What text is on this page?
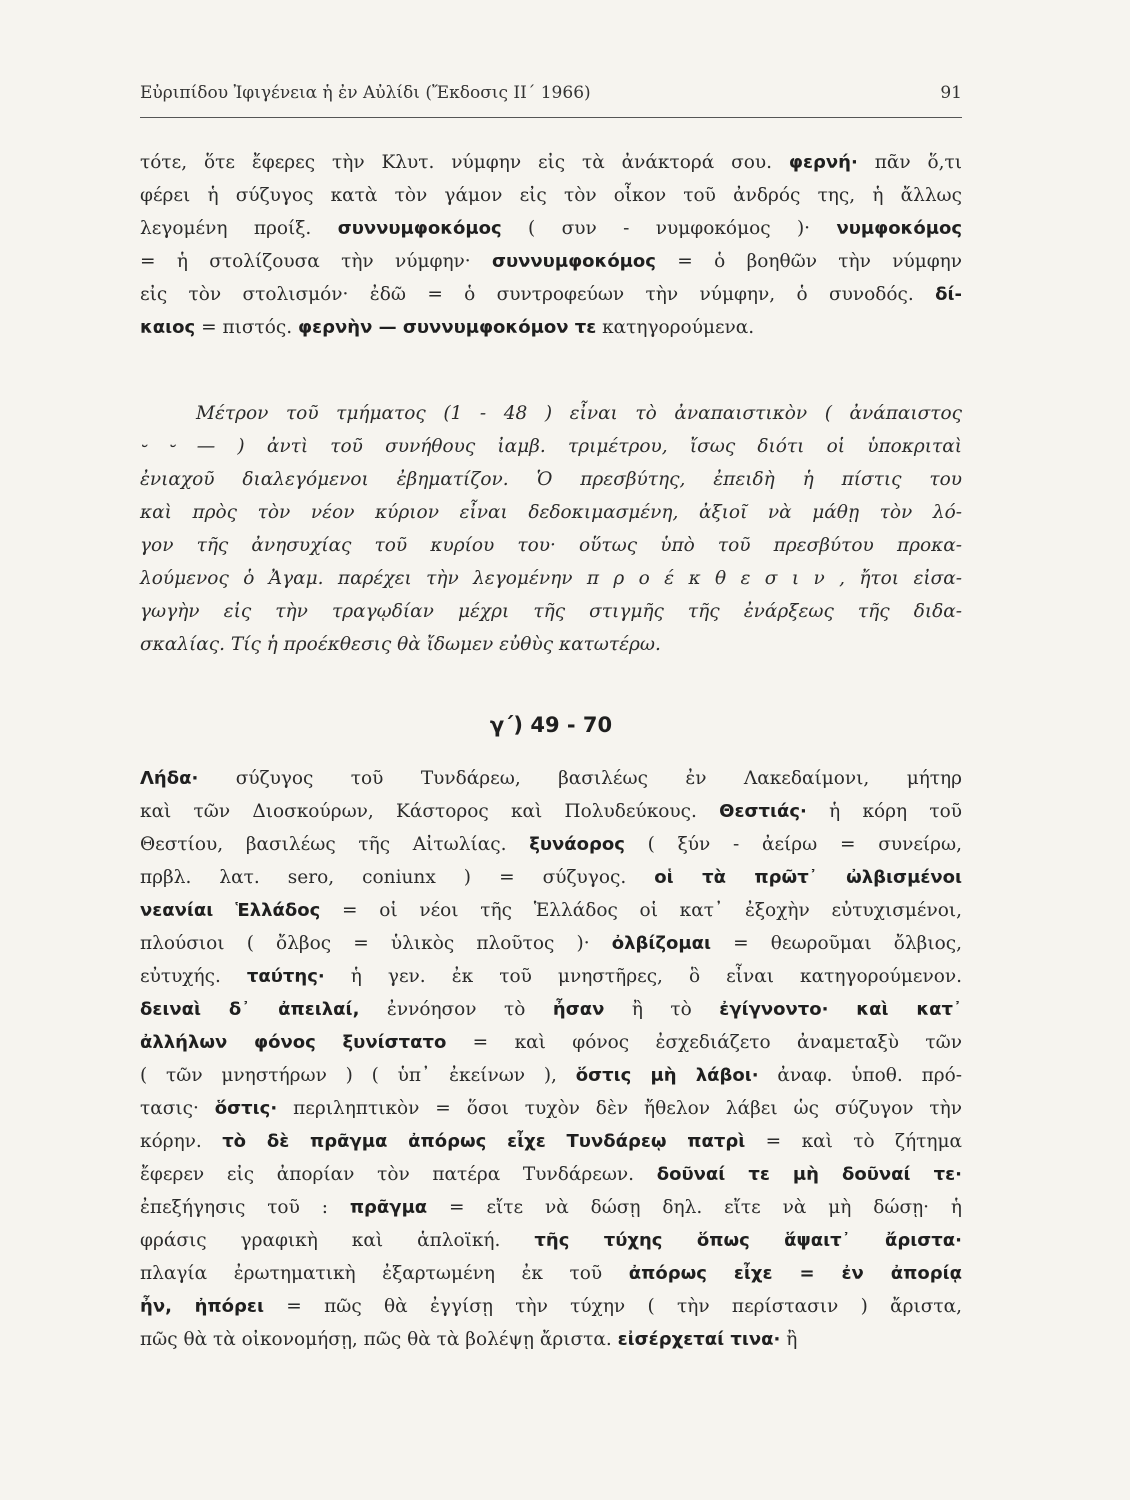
Εὐριπίδου Ἰφιγένεια ἡ ἐν Αὐλίδι (Ἔκδοσις ΙΙ΄ 1966)	91
τότε, ὅτε ἔφερες τὴν Κλυτ. νύμφην εἰς τὰ ἀνάκτορά σου. φερνή· πᾶν ὅ,τι
φέρει ἡ σύζυγος κατὰ τὸν γάμον εἰς τὸν οἶκον τοῦ ἀνδρός της, ἡ ἄλλως
λεγομένη προίξ. συννυμφοκόμος ( συν - νυμφοκόμος )· νυμφοκόμος
= ἡ στολίζουσα τὴν νύμφην· συννυμφοκόμος = ὁ βοηθῶν τὴν νύμφην
εἰς τὸν στολισμόν· ἐδῶ = ὁ συντροφεύων τὴν νύμφην, ὁ συνοδός. δί-
καιος = πιστός. φερνὴν — συννυμφοκόμον τε κατηγορούμενα.
Μέτρον τοῦ τμήματος (1 - 48 ) εἶναι τὸ ἀναπαιστικὸν ( ἀνάπαιστος
⏑ ⏑ — ) ἀντὶ τοῦ συνήθους ἰαμβ. τριμέτρου, ἴσως διότι οἱ ὑποκριταὶ
ἐνιαχοῦ διαλεγόμενοι ἐβηματίζον. Ὁ πρεσβύτης, ἐπειδὴ ἡ πίστις του
καὶ πρὸς τὸν νέον κύριον εἶναι δεδοκιμασμένη, ἀξιοῖ νὰ μάθῃ τὸν λό-
γον τῆς ἀνησυχίας τοῦ κυρίου του· οὕτως ὑπὸ τοῦ πρεσβύτου προκα-
λούμενος ὁ Ἀγαμ. παρέχει τὴν λεγομένην π ρ ο έ κ θ ε σ ι ν , ἤτοι εἰσα-
γωγὴν εἰς τὴν τραγῳδίαν μέχρι τῆς στιγμῆς τῆς ἐνάρξεως τῆς διδα-
σκαλίας. Τίς ἡ προέκθεσις θὰ ἴδωμεν εὐθὺς κατωτέρω.
γ΄) 49 - 70
Λήδα· σύζυγος τοῦ Τυνδάρεω, βασιλέως ἐν Λακεδαίμονι, μήτηρ
καὶ τῶν Διοσκούρων, Κάστορος καὶ Πολυδεύκους. Θεστιάς· ἡ κόρη τοῦ
Θεστίου, βασιλέως τῆς Αἰτωλίας. ξυνάορος ( ξύν - ἀείρω = συνείρω,
πρβλ. λατ. sero, coniunx ) = σύζυγος. οἱ τὰ πρῶτ᾽ ὠλβισμένοι
νεανίαι Ἑλλάδος = οἱ νέοι τῆς Ἑλλάδος οἱ κατ᾽ ἐξοχὴν εὐτυχισμένοι,
πλούσιοι ( ὄλβος = ὑλικὸς πλοῦτος )· ὀλβίζομαι = θεωροῦμαι ὄλβιος,
εὐτυχής. ταύτης· ἡ γεν. ἐκ τοῦ μνηστῆρες, ὃ εἶναι κατηγορούμενον.
δειναὶ δ᾽ ἀπειλαί, ἐννόησον τὸ ἦσαν ἢ τὸ ἐγίγνοντο· καὶ κατ᾽
ἀλλήλων φόνος ξυνίστατο = καὶ φόνος ἐσχεδιάζετο ἀναμεταξὺ τῶν
( τῶν μνηστήρων ) ( ὑπ᾽ ἐκείνων ), ὅστις μὴ λάβοι· ἀναφ. ὑποθ. πρό-
τασις· ὅστις· περιληπτικὸν = ὅσοι τυχὸν δὲν ἤθελον λάβει ὡς σύζυγον τὴν
κόρην. τὸ δὲ πρᾶγμα ἀπόρως εἶχε Τυνδάρεῳ πατρὶ = καὶ τὸ ζήτημα
ἔφερεν εἰς ἀπορίαν τὸν πατέρα Τυνδάρεων. δοῦναί τε μὴ δοῦναί τε·
ἐπεξήγησις τοῦ : πρᾶγμα = εἴτε νὰ δώσῃ δηλ. εἴτε νὰ μὴ δώσῃ· ἡ
φράσις γραφικὴ καὶ ἁπλοϊκή. τῆς τύχης ὅπως ἅψαιτ᾽ ἄριστα·
πλαγία ἐρωτηματικὴ ἐξαρτωμένη ἐκ τοῦ ἀπόρως εἶχε = ἐν ἀπορίᾳ
ἦν, ἠπόρει = πῶς θὰ ἐγγίσῃ τὴν τύχην ( τὴν περίστασιν ) ἄριστα,
πῶς θὰ τὰ οἰκονομήσῃ, πῶς θὰ τὰ βολέψῃ ἄριστα. εἰσέρχεταί τινα· ἢ
